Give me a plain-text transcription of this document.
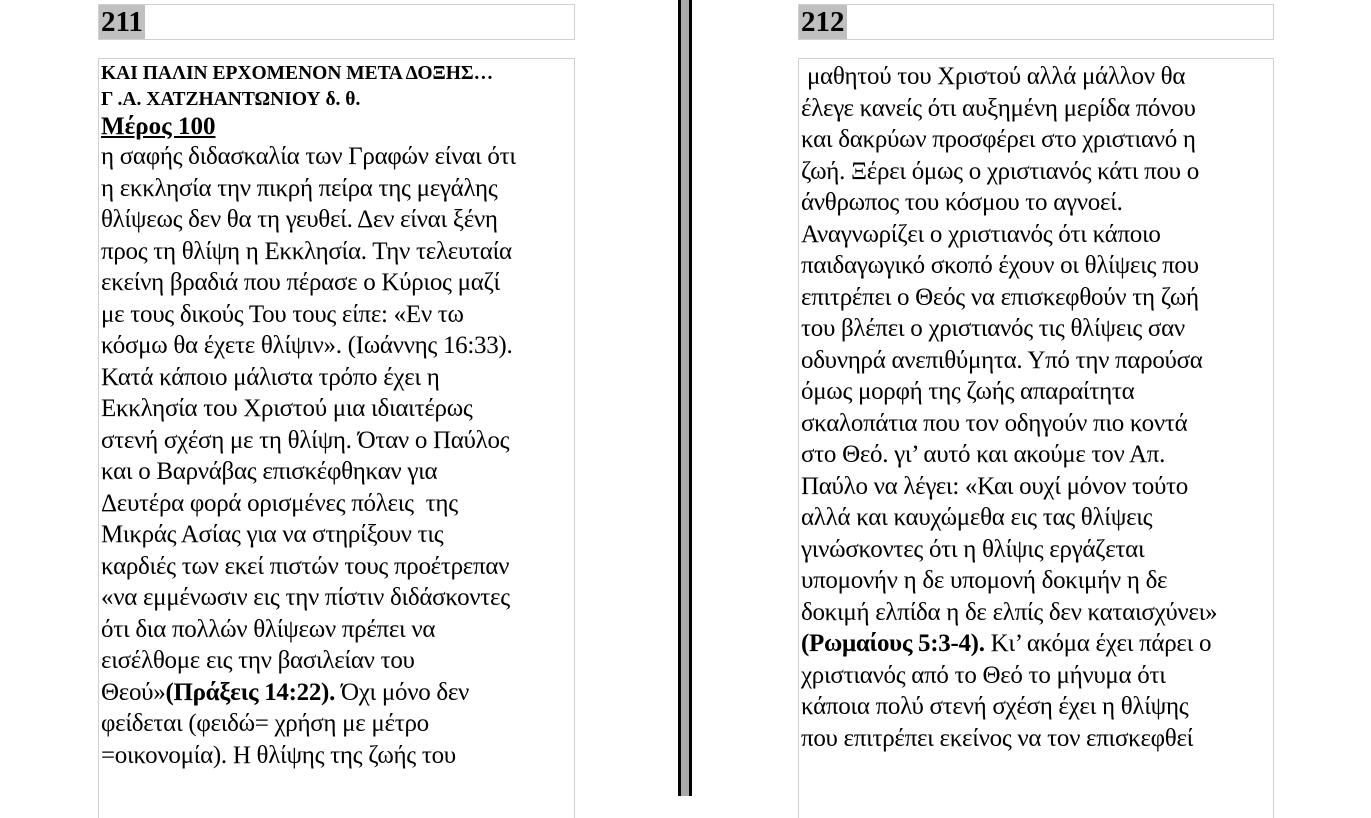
211
ΚΑΙ ΠΑΛΙΝ ΕΡΧΟΜΕΝΟΝ ΜΕΤΑ ΔΟΞΗΣ…
Γ .Α. ΧΑΤΖΗΑΝΤΩΝΙΟΥ δ. θ.
Μέρος 100
η σαφής διδασκαλία των Γραφών είναι ότι
η εκκλησία την πικρή πείρα της μεγάλης
θλίψεως δεν θα τη γευθεί. Δεν είναι ξένη
προς τη θλίψη η Εκκλησία. Την τελευταία
εκείνη βραδιά που πέρασε ο Κύριος μαζί
με τους δικούς Του τους είπε: «Εν τω
κόσμω θα έχετε θλίψιν». (Ιωάννης 16:33).
Κατά κάποιο μάλιστα τρόπο έχει η
Εκκλησία του Χριστού μια ιδιαιτέρως
στενή σχέση με τη θλίψη. Όταν ο Παύλος
και ο Βαρνάβας επισκέφθηκαν για
Δευτέρα φορά ορισμένες πόλεις  της
Μικράς Ασίας για να στηρίξουν τις
καρδιές των εκεί πιστών τους προέτρεπαν
«να εμμένωσιν εις την πίστιν διδάσκοντες
ότι δια πολλών θλίψεων πρέπει να
εισέλθομε εις την βασιλείαν του
Θεού»(Πράξεις 14:22). Όχι μόνο δεν
φείδεται (φειδώ= χρήση με μέτρο
=οικονομία). Η θλίψης της ζωής του
212
μαθητού του Χριστού αλλά μάλλον θα
έλεγε κανείς ότι αυξημένη μερίδα πόνου
και δακρύων προσφέρει στο χριστιανό η
ζωή. Ξέρει όμως ο χριστιανός κάτι που ο
άνθρωπος του κόσμου το αγνοεί.
Αναγνωρίζει ο χριστιανός ότι κάποιο
παιδαγωγικό σκοπό έχουν οι θλίψεις που
επιτρέπει ο Θεός να επισκεφθούν τη ζωή
του βλέπει ο χριστιανός τις θλίψεις σαν
οδυνηρά ανεπιθύμητα. Υπό την παρούσα
όμως μορφή της ζωής απαραίτητα
σκαλοπάτια που τον οδηγούν πιο κοντά
στο Θεό. γι’ αυτό και ακούμε τον Απ.
Παύλο να λέγει: «Και ουχί μόνον τούτο
αλλά και καυχώμεθα εις τας θλίψεις
γινώσκοντες ότι η θλίψις εργάζεται
υπομονήν η δε υπομονή δοκιμήν η δε
δοκιμή ελπίδα η δε ελπίς δεν καταισχύνει»
(Ρωμαίους 5:3-4). Κι’ ακόμα έχει πάρει ο
χριστιανός από το Θεό το μήνυμα ότι
κάποια πολύ στενή σχέση έχει η θλίψης
που επιτρέπει εκείνος να τον επισκεφθεί
